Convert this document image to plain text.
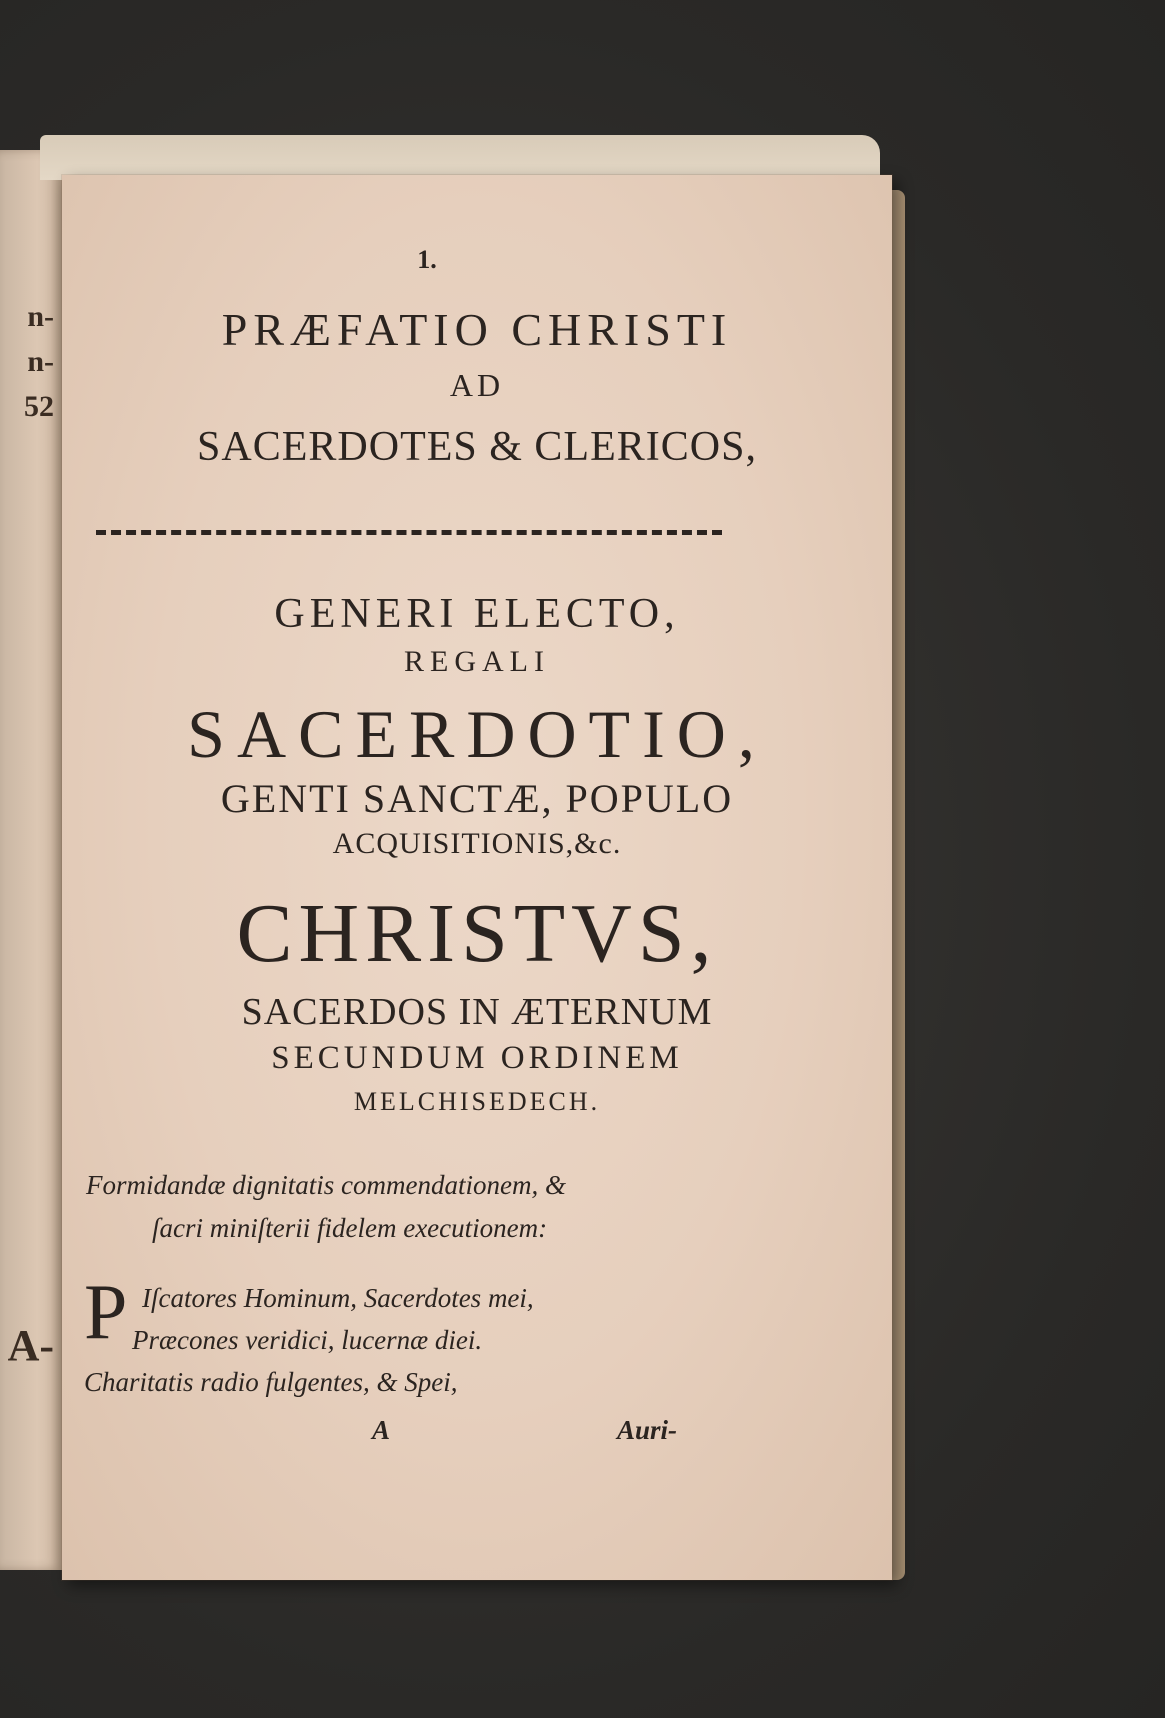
n-
n-
52
A-
1.
PRÆFATIO CHRISTI
AD
SACERDOTES & CLERICOS,
GENERI ELECTO,
REGALI
SACERDOTIO,
GENTI SANCTÆ, POPULO
ACQUISITIONIS,&c.
CHRISTVS,
SACERDOS IN ÆTERNUM
SECUNDUM ORDINEM
MELCHISEDECH.
Formidandæ dignitatis commendationem, &
ſacri miniſterii fidelem executionem:
P Iſcatores Hominum, Sacerdotes mei,
Præcones veridici, lucernæ diei.
Charitatis radio fulgentes, & Spei,
A	Auri-
